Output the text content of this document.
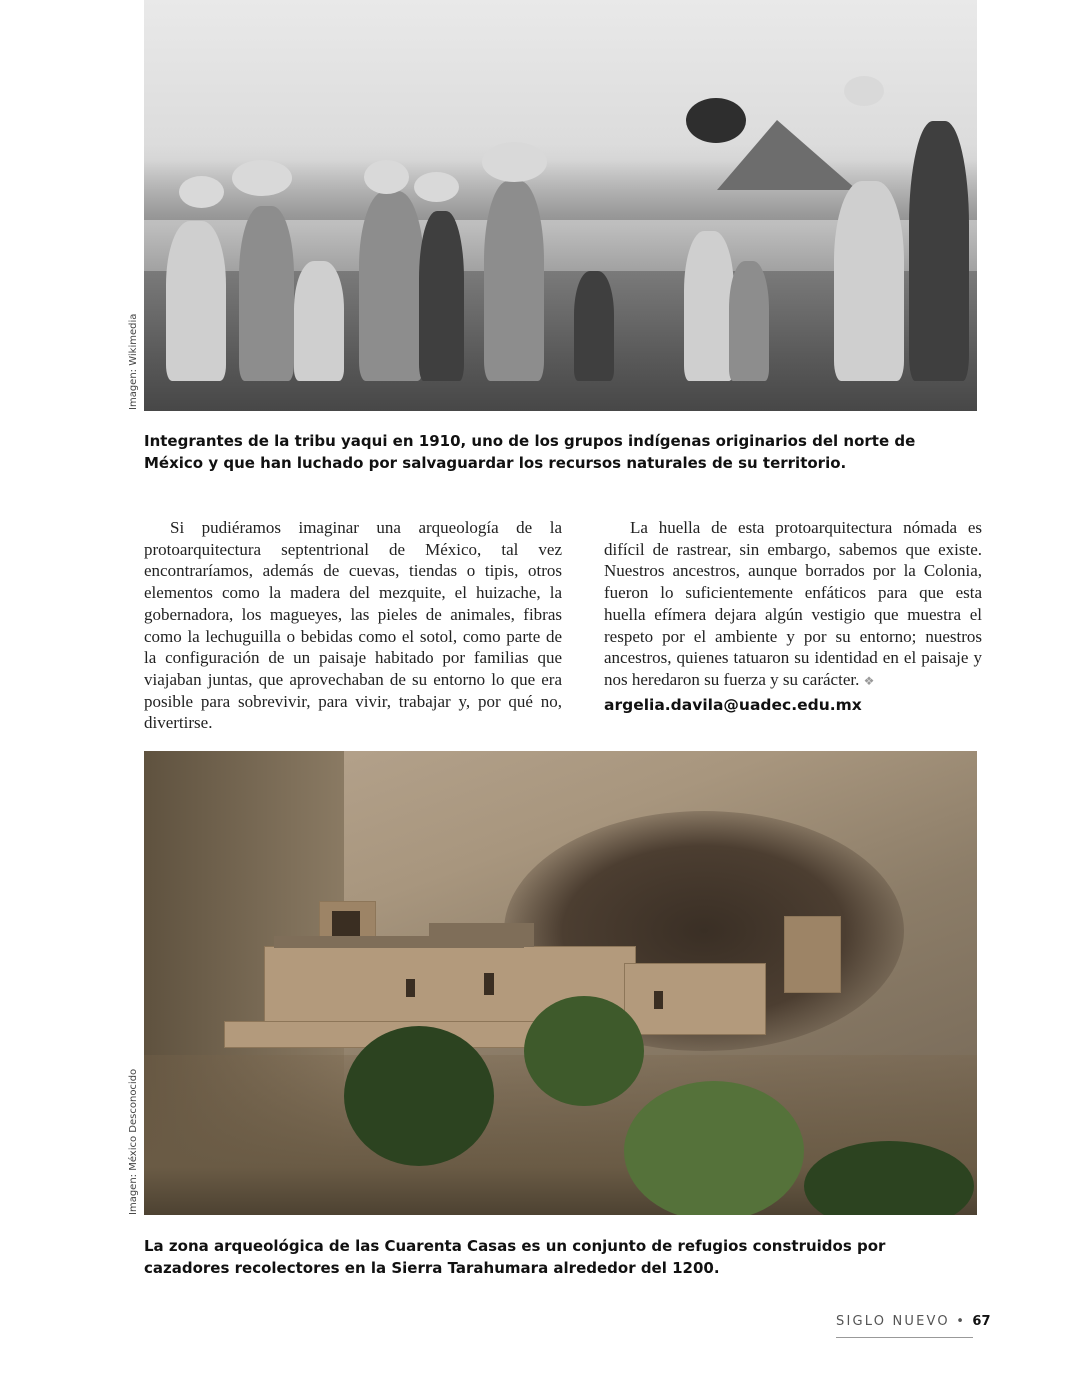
Imagen: Wikimedia
Integrantes de la tribu yaqui en 1910, uno de los grupos indígenas originarios del norte de México y que han luchado por salvaguardar los recursos naturales de su territorio.

Si pudiéramos imaginar una arqueología de la protoarquitectura septentrional de México, tal vez encontraríamos, además de cuevas, tiendas o tipis, otros elementos como la madera del mezquite, el huizache, la gobernadora, los magueyes, las pieles de animales, fibras como la lechuguilla o bebidas como el sotol, como parte de la configuración de un paisaje habitado por familias que viajaban juntas, que aprovechaban de su entorno lo que era posible para sobrevivir, para vivir, trabajar y, por qué no, divertirse.

La huella de esta protoarquitectura nómada es difícil de rastrear, sin embargo, sabemos que existe. Nuestros ancestros, aunque borrados por la Colonia, fueron lo suficientemente enfáticos para que esta huella efímera dejara algún vestigio que muestra el respeto por el ambiente y por su entorno; nuestros ancestros, quienes tatuaron su identidad en el paisaje y nos heredaron su fuerza y su carácter. ❖

argelia.davila@uadec.edu.mx
Imagen: México Desconocido
La zona arqueológica de las Cuarenta Casas es un conjunto de refugios construidos por cazadores recolectores en la Sierra Tarahumara alrededor del 1200.
SIGLO NUEVO • 67
